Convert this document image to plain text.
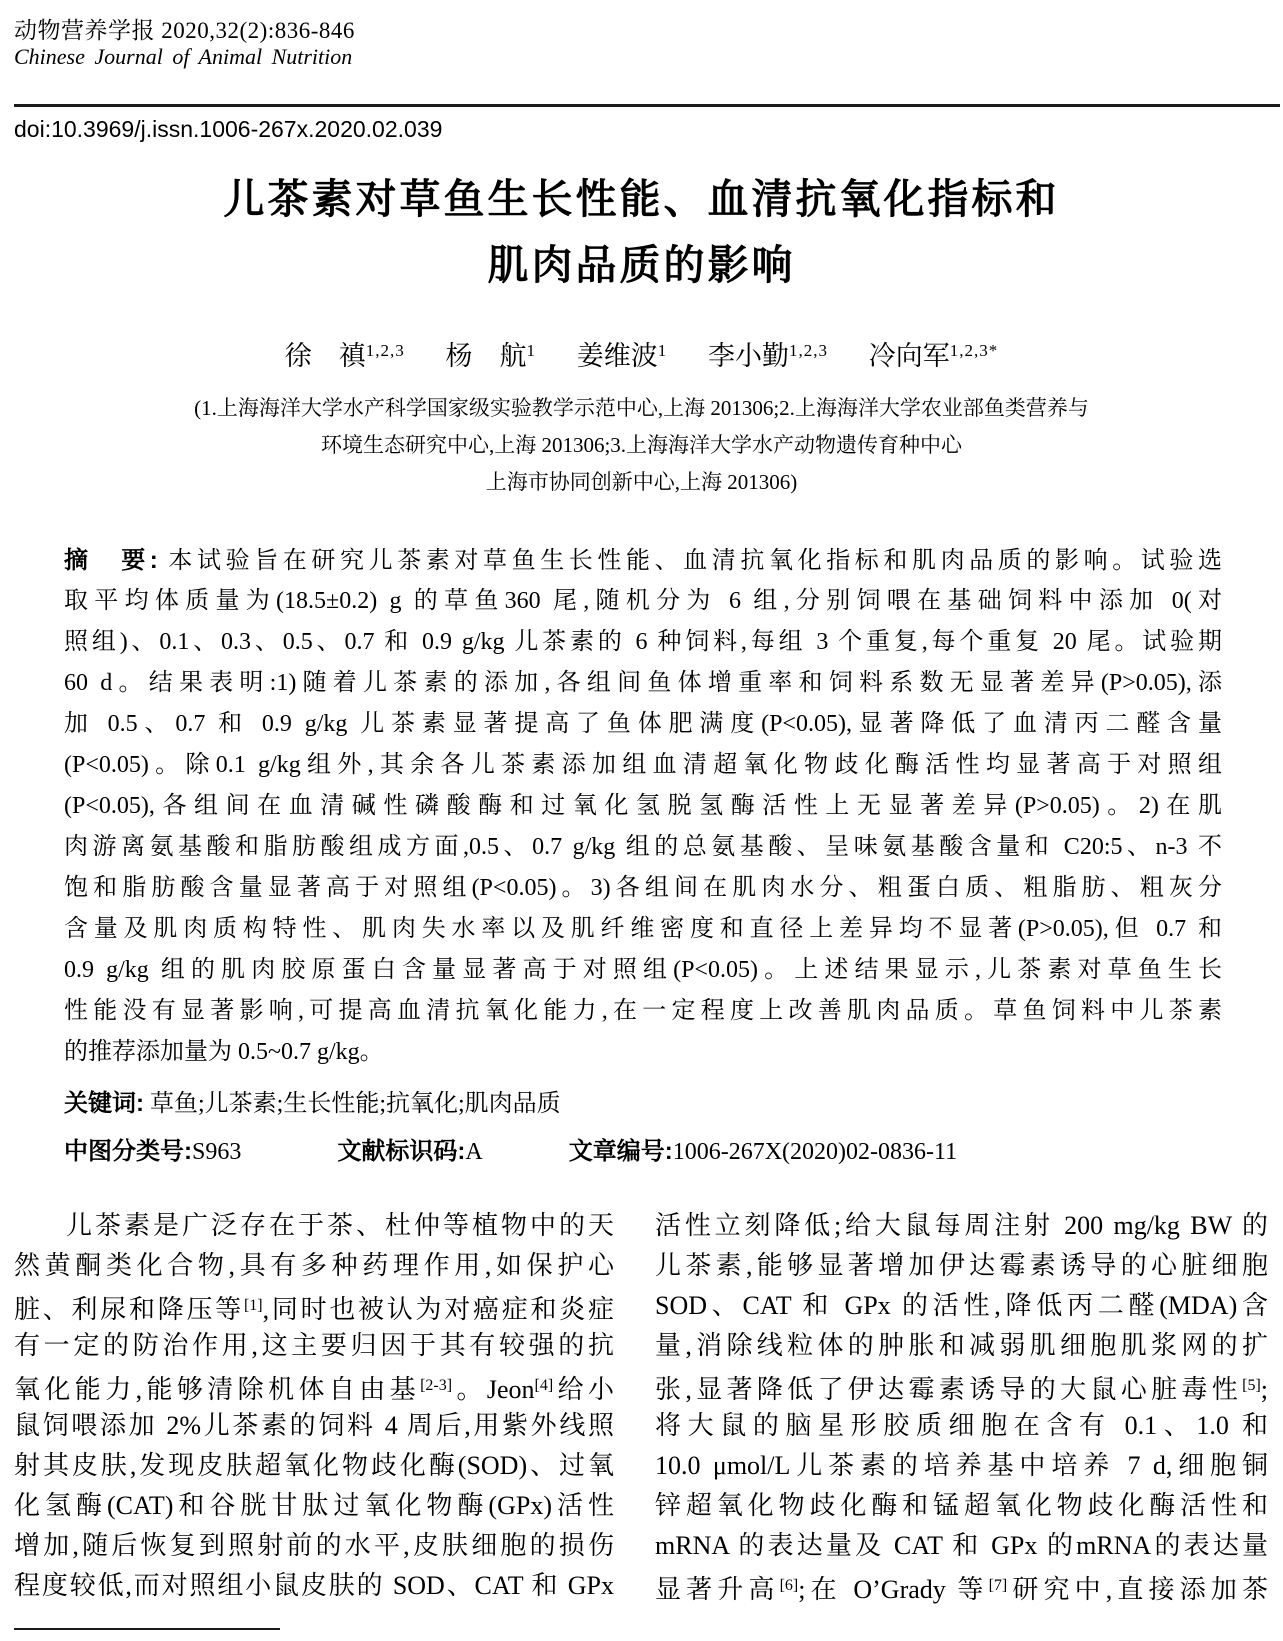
动物营养学报 2020,32(2):836-846
Chinese Journal of Animal Nutrition
doi:10.3969/j.issn.1006-267x.2020.02.039
儿茶素对草鱼生长性能、血清抗氧化指标和
肌肉品质的影响
徐　禛$^{1,2,3}$ 杨　航$^1$ 姜维波$^1$ 李小勤$^{1,2,3}$ 冷向军$^{1,2,3*}$
(1.上海海洋大学水产科学国家级实验教学示范中心,上海 201306;2.上海海洋大学农业部鱼类营养与
环境生态研究中心,上海 201306;3.上海海洋大学水产动物遗传育种中心
上海市协同创新中心,上海 201306)
摘　要: 本试验旨在研究儿茶素对草鱼生长性能、血清抗氧化指标和肌肉品质的影响。试验选
取平均体质量为(18.5±0.2) g 的草鱼360 尾,随机分为 6 组,分别饲喂在基础饲料中添加 0(对
照组)、0.1、0.3、0.5、0.7 和 0.9 g/kg 儿茶素的 6 种饲料,每组 3 个重复,每个重复 20 尾。试验期
60 d。结果表明:1)随着儿茶素的添加,各组间鱼体增重率和饲料系数无显著差异(P>0.05),添
加 0.5、0.7 和 0.9 g/kg 儿茶素显著提高了鱼体肥满度(P<0.05),显著降低了血清丙二醛含量
(P<0.05)。除0.1 g/kg组外,其余各儿茶素添加组血清超氧化物歧化酶活性均显著高于对照组
(P<0.05),各组间在血清碱性磷酸酶和过氧化氢脱氢酶活性上无显著差异(P>0.05)。2)在肌
肉游离氨基酸和脂肪酸组成方面,0.5、0.7 g/kg 组的总氨基酸、呈味氨基酸含量和 C20:5、n-3 不
饱和脂肪酸含量显著高于对照组(P<0.05)。3)各组间在肌肉水分、粗蛋白质、粗脂肪、粗灰分
含量及肌肉质构特性、肌肉失水率以及肌纤维密度和直径上差异均不显著(P>0.05),但 0.7 和
0.9 g/kg 组的肌肉胶原蛋白含量显著高于对照组(P<0.05)。上述结果显示,儿茶素对草鱼生长
性能没有显著影响,可提高血清抗氧化能力,在一定程度上改善肌肉品质。草鱼饲料中儿茶素
的推荐添加量为 0.5~0.7 g/kg。
关键词: 草鱼;儿茶素;生长性能;抗氧化;肌肉品质
中图分类号:S963	文献标识码:A	文章编号:1006-267X(2020)02-0836-11
儿茶素是广泛存在于茶、杜仲等植物中的天
然黄酮类化合物,具有多种药理作用,如保护心
脏、利尿和降压等[1],同时也被认为对癌症和炎症
有一定的防治作用,这主要归因于其有较强的抗
氧化能力,能够清除机体自由基[2-3]。Jeon[4]给小
鼠饲喂添加 2%儿茶素的饲料 4 周后,用紫外线照
射其皮肤,发现皮肤超氧化物歧化酶(SOD)、过氧
化氢酶(CAT)和谷胱甘肽过氧化物酶(GPx)活性
增加,随后恢复到照射前的水平,皮肤细胞的损伤
程度较低,而对照组小鼠皮肤的 SOD、CAT 和 GPx
活性立刻降低;给大鼠每周注射 200 mg/kg BW 的
儿茶素,能够显著增加伊达霉素诱导的心脏细胞
SOD、CAT 和 GPx 的活性,降低丙二醛(MDA)含
量,消除线粒体的肿胀和减弱肌细胞肌浆网的扩
张,显著降低了伊达霉素诱导的大鼠心脏毒性[5];
将大鼠的脑星形胶质细胞在含有 0.1、1.0 和
10.0 μmol/L儿茶素的培养基中培养 7 d,细胞铜
锌超氧化物歧化酶和锰超氧化物歧化酶活性和
mRNA 的表达量及 CAT 和 GPx 的mRNA的表达量
显著升高[6];在 O’Grady 等[7]研究中,直接添加茶
